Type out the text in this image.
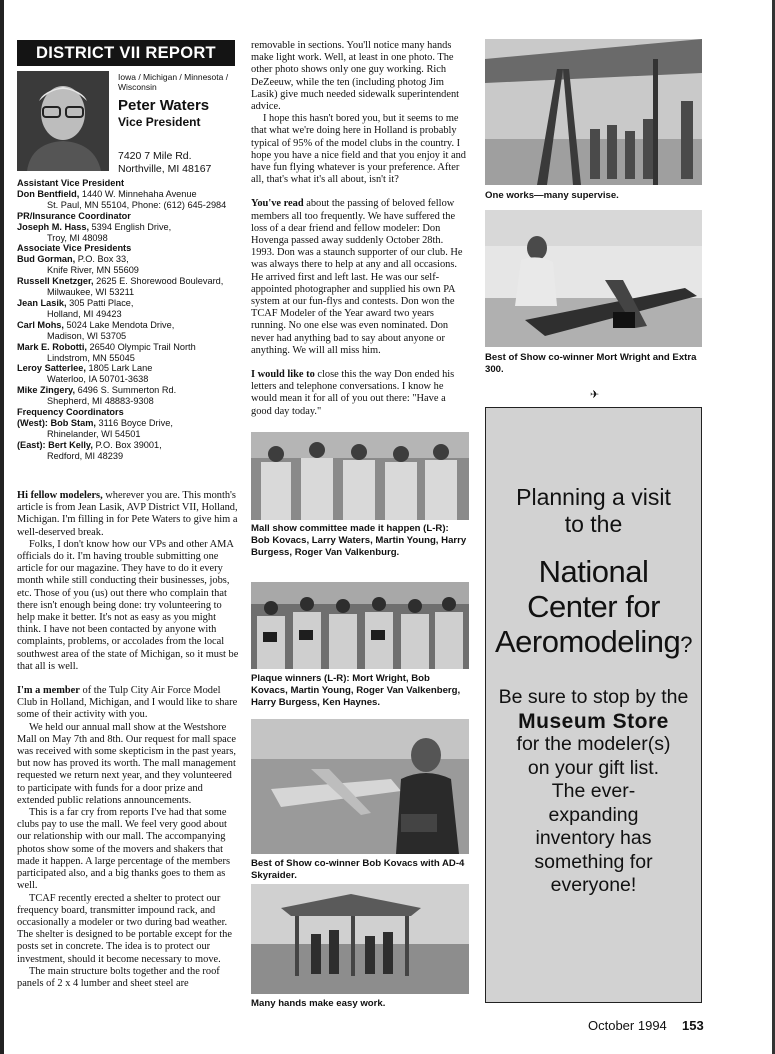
DISTRICT VII REPORT
Iowa / Michigan / Minnesota / Wisconsin
Peter Waters
Vice President
7420 7 Mile Rd.
Northville, MI 48167
Assistant Vice President
Don Bentfield, 1440 W. Minnehaha Avenue
St. Paul, MN 55104, Phone: (612) 645-2984
PR/Insurance Coordinator
Joseph M. Hass, 5394 English Drive,
Troy, MI 48098
Associate Vice Presidents
Bud Gorman, P.O. Box 33,
Knife River, MN 55609
Russell Knetzger, 2625 E. Shorewood Boulevard,
Milwaukee, WI 53211
Jean Lasik, 305 Patti Place,
Holland, MI 49423
Carl Mohs, 5024 Lake Mendota Drive,
Madison, WI 53705
Mark E. Robotti, 26540 Olympic Trail North
Lindstrom, MN 55045
Leroy Satterlee, 1805 Lark Lane
Waterloo, IA 50701-3638
Mike Zingery, 6496 S. Summerton Rd.
Shepherd, MI 48883-9308
Frequency Coordinators
(West): Bob Stam, 3116 Boyce Drive,
Rhinelander, WI 54501
(East): Bert Kelly, P.O. Box 39001,
Redford, MI 48239

Hi fellow modelers, wherever you are. This month's article is from Jean Lasik, AVP District VII, Holland, Michigan. I'm filling in for Pete Waters to give him a well-deserved break.

Folks, I don't know how our VPs and other AMA officials do it. I'm having trouble submitting one article for our magazine. They have to do it every month while still conducting their businesses, jobs, etc. Those of you (us) out there who complain that there isn't enough being done: try volunteering to help make it better. It's not as easy as you might think. I have not been contacted by anyone with complaints, problems, or accolades from the local southwest area of the state of Michigan, so it must be that all is well.

I'm a member of the Tulp City Air Force Model Club in Holland, Michigan, and I would like to share some of their activity with you.

We held our annual mall show at the Westshore Mall on May 7th and 8th. Our request for mall space was received with some skepticism in the past years, but now has proved its worth. The mall management requested we return next year, and they volunteered to participate with funds for a door prize and extended public relations announcements.

This is a far cry from reports I've had that some clubs pay to use the mall. We feel very good about our relationship with our mall. The accompanying photos show some of the movers and shakers that made it happen. A large percentage of the members participated also, and a big thanks goes to them as well.

TCAF recently erected a shelter to protect our frequency board, transmitter impound rack, and occasionally a modeler or two during bad weather. The shelter is designed to be portable except for the posts set in concrete. The idea is to protect our investment, should it become necessary to move.

The main structure bolts together and the roof panels of 2 x 4 lumber and sheet steel are

removable in sections. You'll notice many hands make light work. Well, at least in one photo. The other photo shows only one guy working. Rich DeZeeuw, while the ten (including photog Jim Lasik) give much needed sidewalk superintendent advice.

I hope this hasn't bored you, but it seems to me that what we're doing here in Holland is probably typical of 95% of the model clubs in the country. I hope you have a nice field and that you enjoy it and have fun flying whatever is your preference. After all, that's what it's all about, isn't it?

You've read about the passing of beloved fellow members all too frequently. We have suffered the loss of a dear friend and fellow modeler: Don Hovenga passed away suddenly October 28th. 1993. Don was a staunch supporter of our club. He was always there to help at any and all occasions. He arrived first and left last. He was our self-appointed photographer and supplied his own PA system at our fun-flys and contests. Don won the TCAF Modeler of the Year award two years running. No one else was even nominated. Don never had anything bad to say about anyone or anything. We will all miss him.

I would like to close this the way Don ended his letters and telephone conversations. I know he would mean it for all of you out there: "Have a good day today."

Mall show committee made it happen (L-R): Bob Kovacs, Larry Waters, Martin Young, Harry Burgess, Roger Van Valkenburg.
Plaque winners (L-R): Mort Wright, Bob Kovacs, Martin Young, Roger Van Valkenberg, Harry Burgess, Ken Haynes.
Best of Show co-winner Bob Kovacs with AD-4 Skyraider.
Many hands make easy work.
One works—many supervise.
Best of Show co-winner Mort Wright and Extra 300.
✈
Planning a visit
to the
National
Center for
Aeromodeling?
Be sure to stop by the
Museum Store
for the modeler(s)
on your gift list.
The ever-
expanding
inventory has
something for
everyone!
October 1994 153
